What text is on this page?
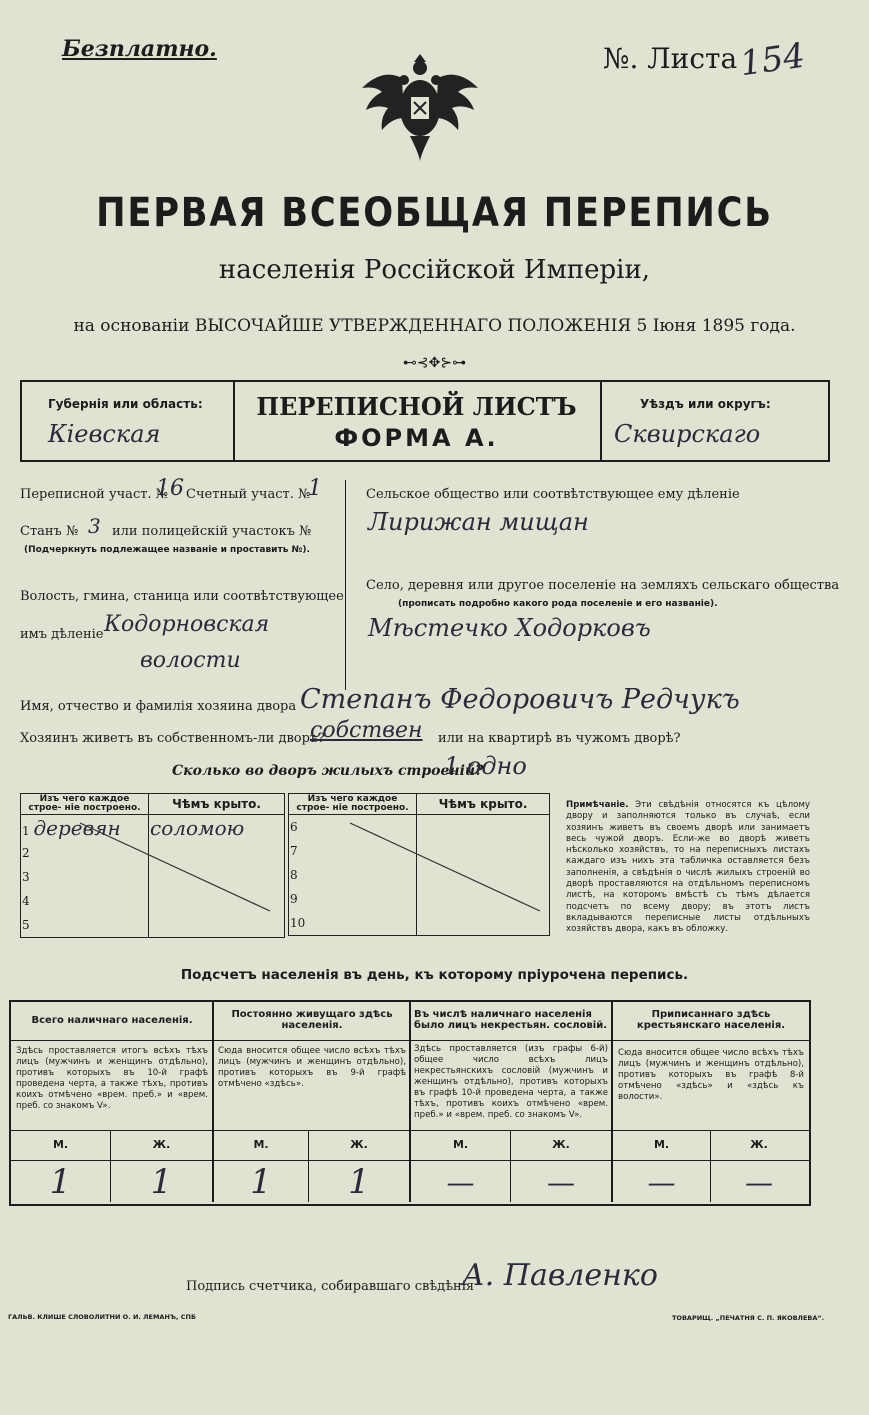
Безплатно.	№. Листа 154
ПЕРВАЯ ВСЕОБЩАЯ ПЕРЕПИСЬ
населенія Россійской Имперіи,
на основаніи ВЫСОЧАЙШЕ УТВЕРЖДЕННАГО ПОЛОЖЕНІЯ 5 Іюня 1895 года.
⊷⊰✥⊱⊶
Губернія или область:
Кіевская
ПЕРЕПИСНОЙ ЛИСТЪ
ФОРМА А.
Уѣздъ или округъ:
Сквирскаго
Переписной участ. №
16 Счетный участ. №
1
Станъ № 3 или полицейскій участокъ №
(Подчеркнуть подлежащее названіе и проставить №).
Волость, гмина, станица или соотвѣтствующее
имъ дѣленіе Кодорновская
волости
Сельское общество или соотвѣтствующее ему дѣленіе
Лирижан мищан
Село, деревня или другое поселеніе на земляхъ сельскаго общества
(прописать подробно какого рода поселеніе и его названіе).
Мѣстечко Ходорковъ
Имя, отчество и фамилія хозяина двора Степанъ Федоровичъ Редчукъ
Хозяинъ живетъ въ собственномъ-ли дворѣ?
собствен или на квартирѣ въ чужомъ дворѣ?
Сколько во дворъ жилыхъ строеній?
1 одно
Изъ чего каждое строе- ніе построено.	Чѣмъ крыто.
1 деревян	соломою
2	
3	
4	
5	
Изъ чего каждое строе- ніе построено.	Чѣмъ крыто.
6	
7	
8	
9	
10	
Примѣчаніе. Эти свѣдѣнія относятся къ цѣлому двору и заполняются только въ случаѣ, если хозяинъ живетъ въ своемъ дворѣ или занимаетъ весь чужой дворъ. Если-же во дворѣ живетъ нѣсколько хозяйствъ, то на переписныхъ листахъ каждаго изъ нихъ эта табличка оставляется безъ заполненія, а свѣдѣнія о числѣ жилыхъ строеній во дворѣ проставляются на отдѣльномъ переписномъ листѣ, на которомъ вмѣстѣ съ тѣмъ дѣлается подсчетъ по всему двору; въ этотъ листъ вкладываются переписные листы отдѣльныхъ хозяйствъ двора, какъ въ обложку.
Подсчетъ населенія въ день, къ которому пріурочена перепись.
Всего наличнаго населенія.
Здѣсь проставляется итогъ всѣхъ тѣхъ лицъ (мужчинъ и женщинъ отдѣльно), противъ которыхъ въ 10-й графѣ проведена черта, а также тѣхъ, противъ коихъ отмѣчено «врем. преб.» и «врем. преб. со знакомъ V».
М.	Ж.
1	1
Постоянно живущаго здѣсь населенія.
Сюда вносится общее число всѣхъ тѣхъ лицъ (мужчинъ и женщинъ отдѣльно), противъ которыхъ въ 9-й графѣ отмѣчено «здѣсь».
М.	Ж.
1	1
Въ числѣ наличнаго населенія было лицъ некрестьян. сословій.
Здѣсь проставляется (изъ графы 6-й) общее число всѣхъ лицъ некрестьянскихъ сословій (мужчинъ и женщинъ отдѣльно), противъ которыхъ въ графѣ 10-й проведена черта, а также тѣхъ, противъ коихъ отмѣчено «врем. преб.» и «врем. преб. со знакомъ V».
М.	Ж.
—	—
Приписаннаго здѣсь крестьянскаго населенія.
Сюда вносится общее число всѣхъ тѣхъ лицъ (мужчинъ и женщинъ отдѣльно), противъ которыхъ въ графѣ 8-й отмѣчено «здѣсь» и «здѣсь къ волости».
М.	Ж.
—	—
Подпись счетчика, собиравшаго свѣдѣнія
А. Павленко
ГАЛЬВ. КЛИШЕ СЛОВОЛИТНИ О. И. ЛЕМАНЪ, СПБ	ТОВАРИЩ. „ПЕЧАТНЯ С. П. ЯКОВЛЕВА“.
